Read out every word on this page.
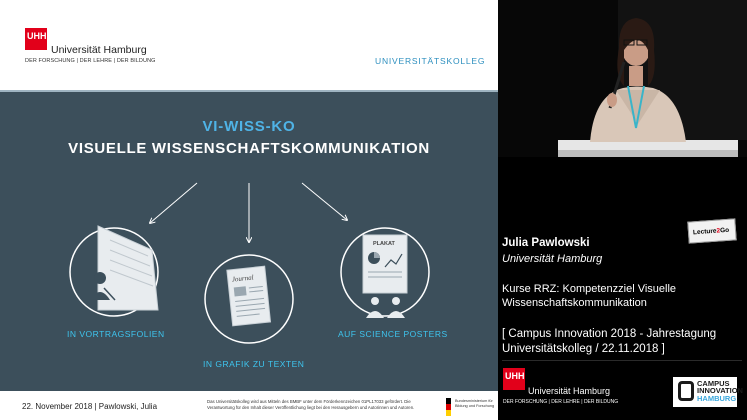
UHH
Universität Hamburg
DER FORSCHUNG | DER LEHRE | DER BILDUNG	UNIVERSITÄTSKOLLEG
VI-WISS-KO
VISUELLE WISSENSCHAFTSKOMMUNIKATION
Journal
PLAKAT
IN VORTRAGSFOLIEN
IN GRAFIK ZU TEXTEN
AUF SCIENCE POSTERS
22. November 2018 | Pawlowski, Julia
Das Universitätskolleg wird aus Mitteln des BMBF unter dem Förderkennzeichen 01PL17033 gefördert. Die
Verantwortung für den Inhalt dieser Veröffentlichung liegt bei den Herausgebern und Autorinnen und Autoren.
Bundesministerium für Bildung und Forschung
Lecture2Go
Julia Pawlowski
Universität Hamburg
Kurse RRZ: Kompetenzziel Visuelle
Wissenschaftskommunikation
[ Campus Innovation 2018 - Jahrestagung
Universitätskolleg / 22.11.2018 ]
UHH
Universität Hamburg
DER FORSCHUNG | DER LEHRE | DER BILDUNG
CAMPUS
INNOVATION
HAMBURG
